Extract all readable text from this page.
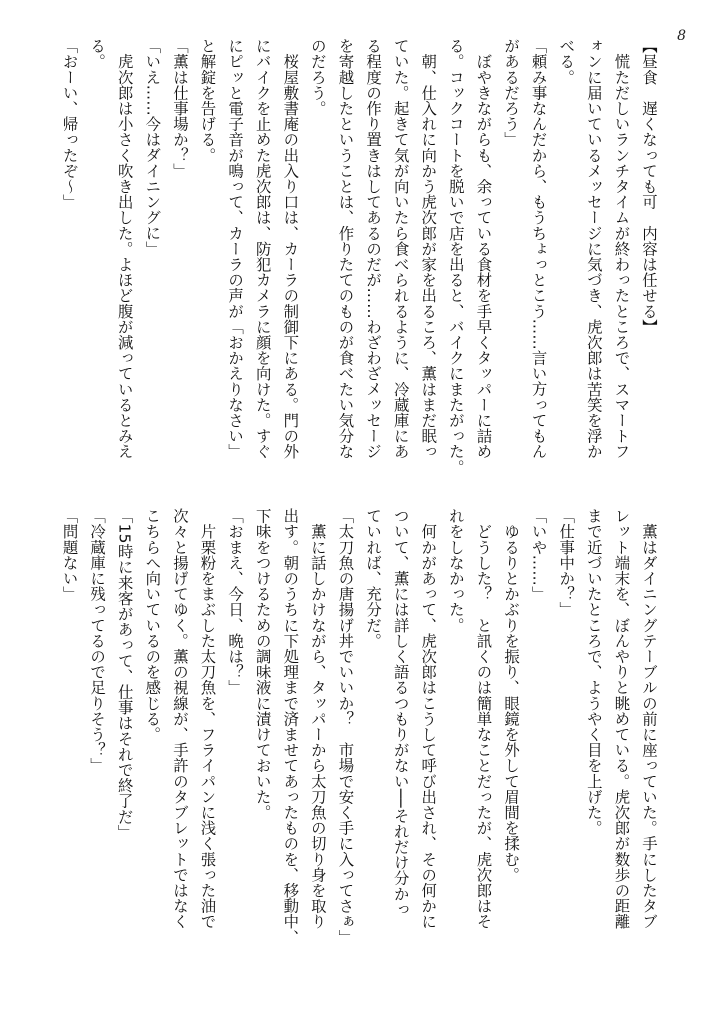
8
【昼食　遅くなっても可　内容は任せる】
　慌ただしいランチタイムが終わったところで、スマートフ
ォンに届いているメッセージに気づき、虎次郎は苦笑を浮か
べる。
「頼み事なんだから、もうちょっとこう……言い方ってもん
があるだろう」
　ぼやきながらも、余っている食材を手早くタッパーに詰め
る。コックコートを脱いで店を出ると、バイクにまたがった。
　朝、仕入れに向かう虎次郎が家を出るころ、薫はまだ眠っ
ていた。起きて気が向いたら食べられるように、冷蔵庫にあ
る程度の作り置きはしてあるのだが……わざわざメッセージ
を寄越したということは、作りたてのものが食べたい気分な
のだろう。
　桜屋敷書庵の出入り口は、カーラの制御下にある。門の外
にバイクを止めた虎次郎は、防犯カメラに顔を向けた。すぐ
にピッと電子音が鳴って、カーラの声が「おかえりなさい」
と解錠を告げる。
「薫は仕事場か？」
「いえ……今はダイニングに」
　虎次郎は小さく吹き出した。よほど腹が減っているとみえ
る。
「おーい、帰ったぞ～」
　薫はダイニングテーブルの前に座っていた。手にしたタブ
レット端末を、ぼんやりと眺めている。虎次郎が数歩の距離
まで近づいたところで、ようやく目を上げた。
「仕事中か？」
「いや……」
　ゆるりとかぶりを振り、眼鏡を外して眉間を揉む。
　どうした？　と訊くのは簡単なことだったが、虎次郎はそ
れをしなかった。
　何かがあって、虎次郎はこうして呼び出され、その何かに
ついて、薫には詳しく語るつもりがない──それだけ分かっ
ていれば、充分だ。
「太刀魚の唐揚げ丼でいいか？　市場で安く手に入ってさぁ」
　薫に話しかけながら、タッパーから太刀魚の切り身を取り
出す。朝のうちに下処理まで済ませてあったものを、移動中、
下味をつけるための調味液に漬けておいた。
「おまえ、今日、晩は？」
　片栗粉をまぶした太刀魚を、フライパンに浅く張った油で
次々と揚げてゆく。薫の視線が、手許のタブレットではなく
こちらへ向いているのを感じる。
「15時に来客があって、仕事はそれで終了だ」
「冷蔵庫に残ってるので足りそう？」
「問題ない」
